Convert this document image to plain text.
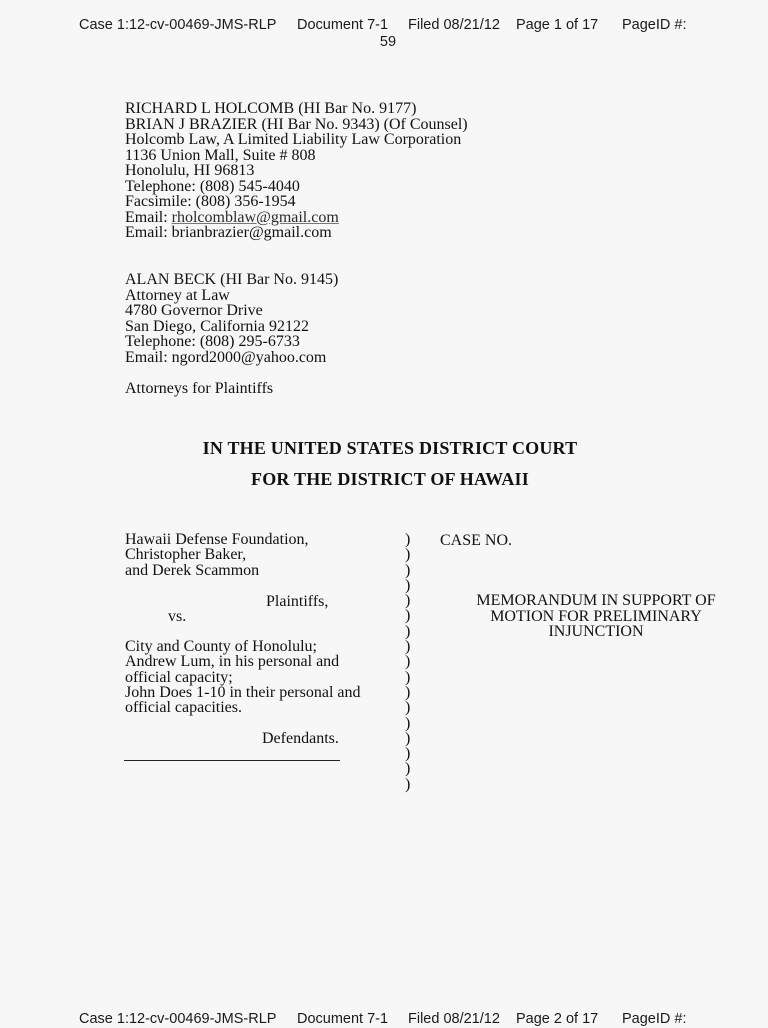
Case 1:12-cv-00469-JMS-RLP Document 7-1 Filed 08/21/12 Page 1 of 17 PageID #:
59
RICHARD L HOLCOMB (HI Bar No. 9177)
BRIAN J BRAZIER (HI Bar No. 9343) (Of Counsel)
Holcomb Law, A Limited Liability Law Corporation
1136 Union Mall, Suite # 808
Honolulu, HI 96813
Telephone: (808) 545-4040
Facsimile: (808) 356-1954
Email: rholcomblaw@gmail.com
Email: brianbrazier@gmail.com
ALAN BECK (HI Bar No. 9145)
Attorney at Law
4780 Governor Drive
San Diego, California 92122
Telephone: (808) 295-6733
Email: ngord2000@yahoo.com
Attorneys for Plaintiffs
IN THE UNITED STATES DISTRICT COURT
FOR THE DISTRICT OF HAWAII
Hawaii Defense Foundation,
Christopher Baker,
and Derek Scammon
Plaintiffs,
vs.
City and County of Honolulu;
Andrew Lum, in his personal and
official capacity;
John Does 1-10 in their personal and
official capacities.
Defendants.
)
)
)
)
)
)
)
)
)
)
)
)
)
)
)
)
)
CASE NO.
MEMORANDUM IN SUPPORT OF
MOTION FOR PRELIMINARY
INJUNCTION
Case 1:12-cv-00469-JMS-RLP Document 7-1 Filed 08/21/12 Page 2 of 17 PageID #:
